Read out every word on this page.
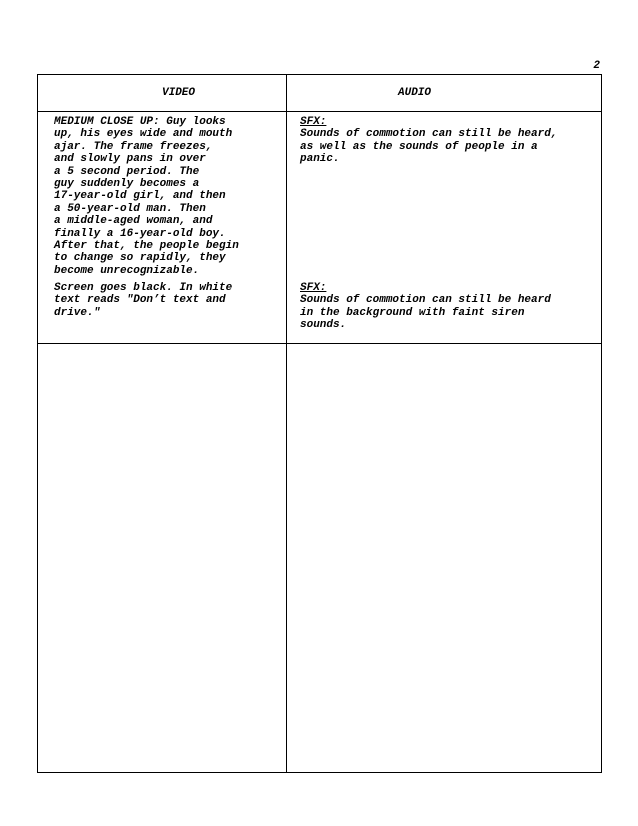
2
VIDEO	AUDIO
MEDIUM CLOSE UP: Guy looks
up, his eyes wide and mouth
ajar. The frame freezes,
and slowly pans in over
a 5 second period. The
guy suddenly becomes a
17-year-old girl, and then
a 50-year-old man. Then
a middle-aged woman, and
finally a 16-year-old boy.
After that, the people begin
to change so rapidly, they
become unrecognizable.
SFX:
Sounds of commotion can still be heard,
as well as the sounds of people in a
panic.
Screen goes black. In white
text reads "Don’t text and
drive."
SFX:
Sounds of commotion can still be heard
in the background with faint siren
sounds.
